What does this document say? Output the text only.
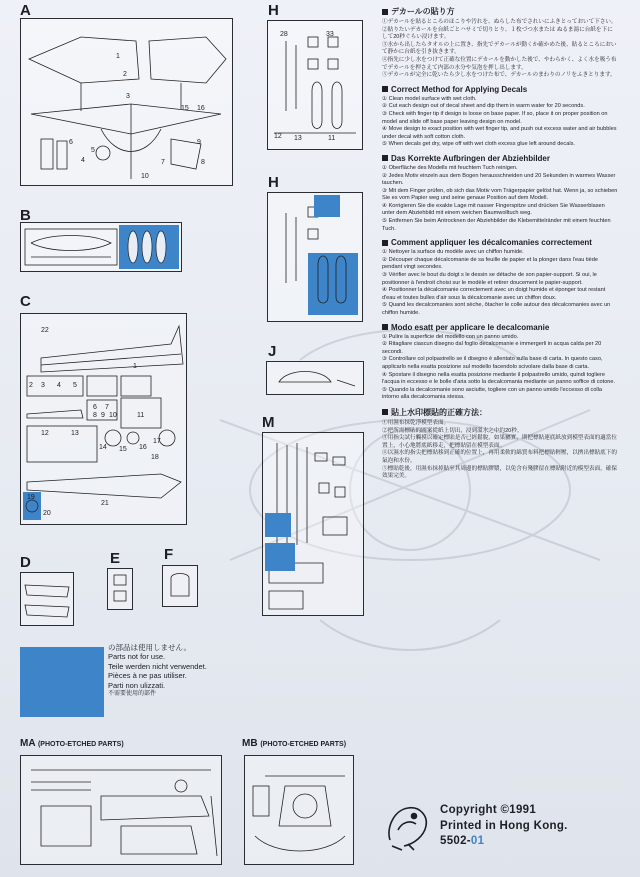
A
1
2
3
4
5
6
7	8
9
10
15 16
B
C
22
1
2 3 4 5
6 7
8 9 10	11
12	13
14 15 16
17
18
19
20
21
D	E	F
H
28	33
12 13	11
H
J
M
の部品は使用しません。
Parts not for use.
Teile werden nicht verwendet.
Pièces à ne pas utiliser.
Parti non ulizzati.
不需要使用的部件
MA (PHOTO-ETCHED PARTS)	MB (PHOTO-ETCHED PARTS)
デカールの貼り方

①デカールを貼るところのほこりや汚れを、ぬらした布でされいにふきとっておいて下さい。

②貼りたいデカールを台紙ごとハサミで切りとり、１枚づつ水または ぬるま湯に台紙を下にして20秒ぐらい浸けます。

③水から出したらタオルの上に置き、指先でデカールが動くか確かめた後、貼るところにおいて静かに台紙を引き抜きます。

④指先に少し水をつけて正確な位置にデカールを動かした後で、やわらかく、よく水を吸う布でデカールを押さえて内部の水分や気泡を押し出します。

⑤デカールが完全に乾いたら少し水をつけた布で、デカールのまわりのノリをふきとります。

Correct Method for Applying Decals

① Clean model surface with wet cloth.

② Cut each design out of decal sheet and dip them in warm water for 20 seconds.

③ Check with finger tip if design is loose on base paper. If so, place it on proper position on model and slide off base paper leaving design on model.

④ Move design to exact position with wet finger tip, and push out excess water and air bubbles under decal with soft cotton cloth.

⑤ When decals get dry, wipe off with wet cloth excess glue left around decals.

Das Korrekte Aufbringen der Abziehbilder

① Oberfläche des Modells mit feuchtem Tuch reinigen.

② Jedes Motiv einzeln aus dem Bogen herausschneiden und 20 Sekunden in warmes Wasser tauchen.

③ Mit dem Finger prüfen, ob sich das Motiv vom Trägerpapier gelöst hat. Wenn ja, so schieben Sie es vom Papier weg und seine genaue Position auf dem Modell.

④ Korrigieren Sie die exakte Lage mit nasser Fingerspitze und drücken Sie Wasserblasen unter dem Abziehbild mit einem weichen Baumwolltuch weg.

⑤ Entfernen Sie beim Antrocknen der Abziehbilder die Klebemittelränder mit einem feuchten Tuch.

Comment appliquer les décalcomanies correctement

① Nettoyer la surface du modèle avec un chiffon humide.

② Découper chaque décalcomanie de sa feuille de papier et la plonger dans l'eau tiède pendant vingt secondes.

③ Vérifier avec le bout du doigt s le dessin se détache de son papier-support. Si oui, le positionner à l'endroit choisi sur le modèle et retirer doucement le papier-support.

④ Positionner la décalcomanie correctement avec un doigt humide et éponger tout restant d'eau et toutes bulles d'air sous la décalcomanie avec un chiffon doux.

⑤ Quand les decalcomanies sont sèche, ôtacher le colle autour des décalcomanies avec un chiffon humide.

Modo esatt per applicare le decalcomanie

① Pulire la superficie del modello con un panno umido.

② Ritagliare ciascun disegno dal foglio decalcomanie e immergerli in acqua calda per 20 secondi.

③ Controllare col polpastrello se il disegno è allentato sulla base di carta. In questo caso, applicarlo nella esatta posizione sul modello facendolo scivolare dalla base di carta.

④ Spostare il disegno nella esatta posizione mediante il polpastrello umido, quindi togliere l'acqua in eccesso e le bolle d'aria sotto la decalcomania mediante un panno soffice di cotone.

⑤ Quando la decalcomanie sono asciutte, togliere con un panno umido l'eccesso di colla intorno alla decalcomania stessa.

貼上水印標貼的正確方法：

①用濕布抹乾淨模型表面。

②把所需標貼的圖案從紙上切出，浸到溫水之中約20秒。

③用指尖試行觸摸以確定標貼是否已經鬆脫，如果屬實，則把標貼連底紙放到模型表面的適當位置上，小心地將底紙移走，把標貼留在模型表面。

④以濕水的指尖把標貼移到正確的位置上，再用柔軟的綿質布料把標貼輕壓，以擠出標貼底下的氣泡和水份。

⑤標貼乾後，用濕布抹掉貼至其周邊的標貼膠漿，以免含有殘膠留在標貼附近的模型表面，確保效果完美。

Copyright ©1991
Printed in Hong Kong.
5502-01
